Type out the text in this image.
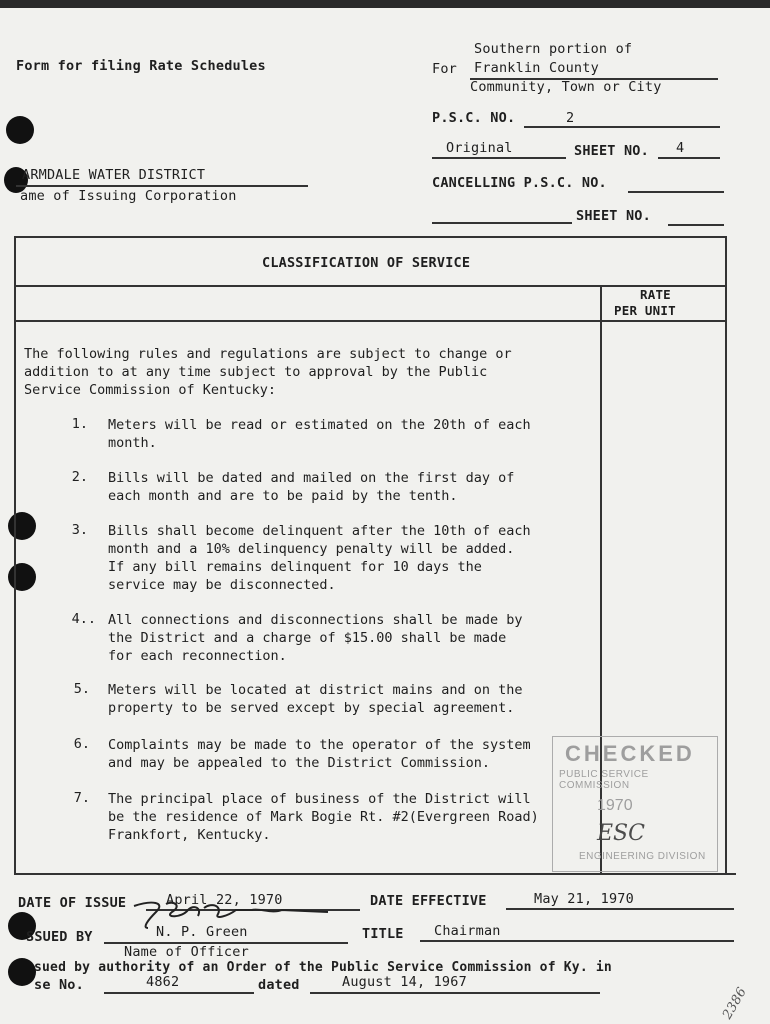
Form for filing Rate Schedules
Southern portion of
For Franklin County
Community, Town or City
P.S.C. NO.	2
Original	SHEET NO. 4
CANCELLING P.S.C. NO.
SHEET NO.
ARMDALE WATER DISTRICT
ame of Issuing Corporation
CLASSIFICATION OF SERVICE
RATE
PER UNIT
The following rules and regulations are subject to change or
addition to at any time subject to approval by the Public
Service Commission of Kentucky:
1. Meters will be read or estimated on the 20th of each
month.
2. Bills will be dated and mailed on the first day of
each month and are to be paid by the tenth.
3. Bills shall become delinquent after the 10th of each
month and a 10% delinquency penalty will be added.
If any bill remains delinquent for 10 days the
service may be disconnected.
4.. All connections and disconnections shall be made by
the District and a charge of $15.00 shall be made
for each reconnection.
5. Meters will be located at district mains and on the
property to be served except by special agreement.
6. Complaints may be made to the operator of the system
and may be appealed to the District Commission.
7. The principal place of business of the District will
be the residence of Mark Bogie Rt. #2(Evergreen Road)
Frankfort, Kentucky.
CHECKED
PUBLIC SERVICE COMMISSION
1970
ESC
ENGINEERING DIVISION
DATE OF ISSUE	April 22, 1970	DATE EFFECTIVE	May 21, 1970
SSUED BY	N. P. Green	TITLE Chairman
Name of Officer
sued by authority of an Order of the Public Service Commission of Ky. in
se No.	4862	dated	August 14, 1967
2386
